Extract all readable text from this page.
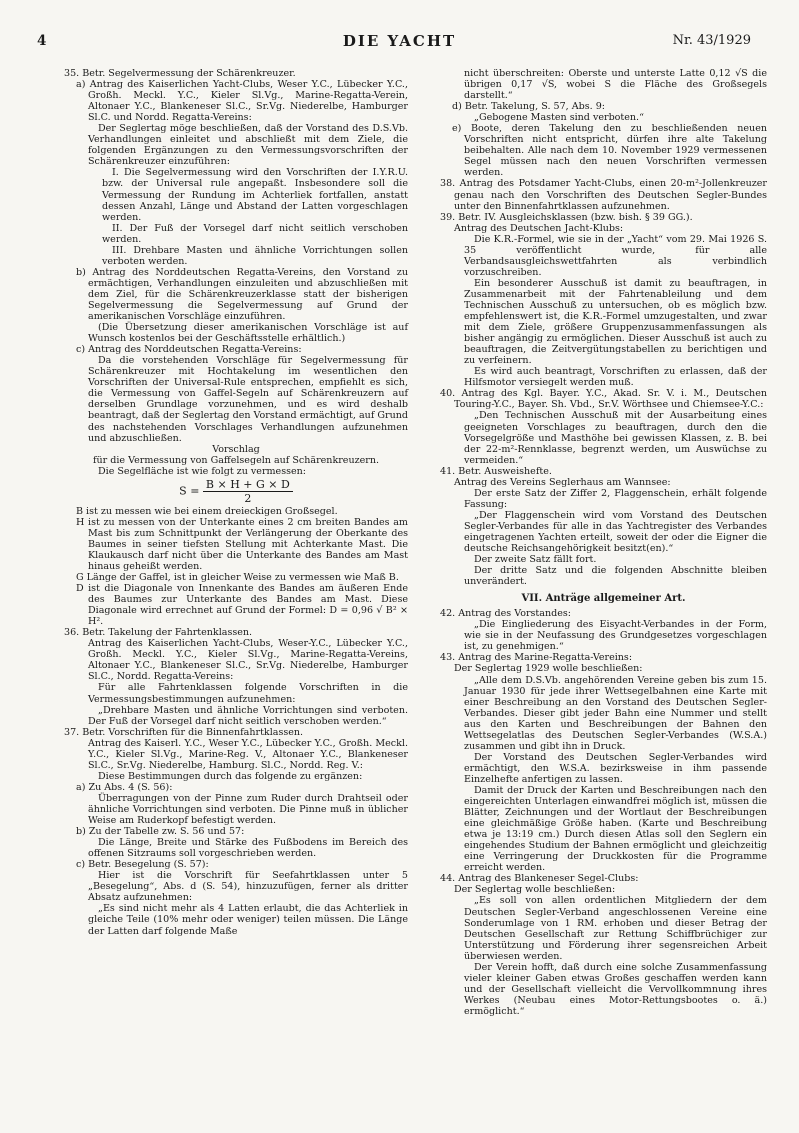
4	DIE YACHT	Nr. 43/1929

35. Betr. Segelvermessung der Schärenkreuzer.

a) Antrag des Kaiserlichen Yacht-Clubs, Weser Y.C., Lübecker Y.C., Großh. Meckl. Y.C., Kieler Sl.Vg., Marine-Regatta-Verein, Altonaer Y.C., Blankeneser Sl.C., Sr.Vg. Niederelbe, Hamburger Sl.C. und Nordd. Regatta-Vereins:

Der Seglertag möge beschließen, daß der Vorstand des D.S.Vb. Verhandlungen einleitet und abschließt mit dem Ziele, die folgenden Ergänzungen zu den Vermessungsvorschriften der Schärenkreuzer einzuführen:

I. Die Segelvermessung wird den Vorschriften der I.Y.R.U. bzw. der Universal rule angepaßt. Insbesondere soll die Vermessung der Rundung im Achterliek fortfallen, anstatt dessen Anzahl, Länge und Abstand der Latten vorgeschlagen werden.

II. Der Fuß der Vorsegel darf nicht seitlich verschoben werden.

III. Drehbare Masten und ähnliche Vorrichtungen sollen verboten werden.

b) Antrag des Norddeutschen Regatta-Vereins, den Vorstand zu ermächtigen, Verhandlungen einzuleiten und abzuschließen mit dem Ziel, für die Schärenkreuzerklasse statt der bisherigen Segelvermessung die Segelvermessung auf Grund der amerikanischen Vorschläge einzuführen.

(Die Übersetzung dieser amerikanischen Vorschläge ist auf Wunsch kostenlos bei der Geschäftsstelle erhältlich.)

c) Antrag des Norddeutschen Regatta-Vereins:

Da die vorstehenden Vorschläge für Segelvermessung für Schärenkreuzer mit Hochtakelung im wesentlichen den Vorschriften der Universal-Rule entsprechen, empfiehlt es sich, die Vermessung von Gaffel-Segeln auf Schärenkreuzern auf derselben Grundlage vorzunehmen, und es wird deshalb beantragt, daß der Seglertag den Vorstand ermächtigt, auf Grund des nachstehenden Vorschlages Verhandlungen aufzunehmen und abzuschließen.

Vorschlag

für die Vermessung von Gaffelsegeln auf Schärenkreuzern.

Die Segelfläche ist wie folgt zu vermessen:

$S = \frac{B \times H + G \times D}{2}$

B ist zu messen wie bei einem dreieckigen Großsegel.

H ist zu messen von der Unterkante eines 2 cm breiten Bandes am Mast bis zum Schnittpunkt der Verlängerung der Oberkante des Baumes in seiner tiefsten Stellung mit Achterkante Mast. Die Klaukausch darf nicht über die Unterkante des Bandes am Mast hinaus geheißt werden.

G Länge der Gaffel, ist in gleicher Weise zu vermessen wie Maß B.

D ist die Diagonale von Innenkante des Bandes am äußeren Ende des Baumes zur Unterkante des Bandes am Mast. Diese Diagonale wird errechnet auf Grund der Formel: D = 0,96 √ B² × H².

36. Betr. Takelung der Fahrtenklassen.

Antrag des Kaiserlichen Yacht-Clubs, Weser-Y.C., Lübecker Y.C., Großh. Meckl. Y.C., Kieler Sl.Vg., Marine-Regatta-Vereins, Altonaer Y.C., Blankeneser Sl.C., Sr.Vg. Niederelbe, Hamburger Sl.C., Nordd. Regatta-Vereins:

Für alle Fahrtenklassen folgende Vorschriften in die Vermessungsbestimmungen aufzunehmen:

„Drehbare Masten und ähnliche Vorrichtungen sind verboten. Der Fuß der Vorsegel darf nicht seitlich verschoben werden.“

37. Betr. Vorschriften für die Binnenfahrtklassen.

Antrag des Kaiserl. Y.C., Weser Y.C., Lübecker Y.C., Großh. Meckl. Y.C., Kieler Sl.Vg., Marine-Reg. V., Altonaer Y.C., Blankeneser Sl.C., Sr.Vg. Niederelbe, Hamburg. Sl.C., Nordd. Reg. V.:

Diese Bestimmungen durch das folgende zu ergänzen:

a) Zu Abs. 4 (S. 56):

Überragungen von der Pinne zum Ruder durch Drahtseil oder ähnliche Vorrichtungen sind verboten. Die Pinne muß in üblicher Weise am Ruderkopf befestigt werden.

b) Zu der Tabelle zw. S. 56 und 57:

Die Länge, Breite und Stärke des Fußbodens im Bereich des offenen Sitzraums soll vorgeschrieben werden.

c) Betr. Besegelung (S. 57):

Hier ist die Vorschrift für Seefahrtklassen unter 5 „Besegelung“, Abs. d (S. 54), hinzuzufügen, ferner als dritter Absatz aufzunehmen:

„Es sind nicht mehr als 4 Latten erlaubt, die das Achterliek in gleiche Teile (10% mehr oder weniger) teilen müssen. Die Länge der Latten darf folgende Maße

nicht überschreiten: Oberste und unterste Latte 0,12 √S die übrigen 0,17 √S, wobei S die Fläche des Großsegels darstellt.“

d) Betr. Takelung, S. 57, Abs. 9:

„Gebogene Masten sind verboten.“

e) Boote, deren Takelung den zu beschließenden neuen Vorschriften nicht entspricht, dürfen ihre alte Takelung beibehalten. Alle nach dem 10. November 1929 vermessenen Segel müssen nach den neuen Vorschriften vermessen werden.

38. Antrag des Potsdamer Yacht-Clubs, einen 20-m²-Jollenkreuzer genau nach den Vorschriften des Deutschen Segler-Bundes unter den Binnenfahrtklassen aufzunehmen.

39. Betr. IV. Ausgleichsklassen (bzw. bish. § 39 GG.).

Antrag des Deutschen Jacht-Klubs:

Die K.R.-Formel, wie sie in der „Yacht“ vom 29. Mai 1926 S. 35 veröffentlicht wurde, für alle Verbandsausgleichswettfahrten als verbindlich vorzuschreiben.

Ein besonderer Ausschuß ist damit zu beauftragen, in Zusammenarbeit mit der Fahrtenableilung und dem Technischen Ausschuß zu untersuchen, ob es möglich bzw. empfehlenswert ist, die K.R.-Formel umzugestalten, und zwar mit dem Ziele, größere Gruppenzusammenfassungen als bisher angängig zu ermöglichen. Dieser Ausschuß ist auch zu beauftragen, die Zeitvergütungstabellen zu berichtigen und zu verfeinern.

Es wird auch beantragt, Vorschriften zu erlassen, daß der Hilfsmotor versiegelt werden muß.

40. Antrag des Kgl. Bayer. Y.C., Akad. Sr. V. i. M., Deutschen Touring-Y.C., Bayer. Sh. Vbd., Sr.V. Wörthsee und Chiemsee-Y.C.:

„Den Technischen Ausschuß mit der Ausarbeitung eines geeigneten Vorschlages zu beauftragen, durch den die Vorsegelgröße und Masthöhe bei gewissen Klassen, z. B. bei der 22-m²-Rennklasse, begrenzt werden, um Auswüchse zu vermeiden.“

41. Betr. Ausweishefte.

Antrag des Vereins Seglerhaus am Wannsee:

Der erste Satz der Ziffer 2, Flaggenschein, erhält folgende Fassung:

„Der Flaggenschein wird vom Vorstand des Deutschen Segler-Verbandes für alle in das Yachtregister des Verbandes eingetragenen Yachten erteilt, soweit der oder die Eigner die deutsche Reichsangehörigkeit besitzt(en).“

Der zweite Satz fällt fort.

Der dritte Satz und die folgenden Abschnitte bleiben unverändert.

VII. Anträge allgemeiner Art.

42. Antrag des Vorstandes:

„Die Eingliederung des Eisyacht-Verbandes in der Form, wie sie in der Neufassung des Grundgesetzes vorgeschlagen ist, zu genehmigen.“

43. Antrag des Marine-Regatta-Vereins:

Der Seglertag 1929 wolle beschließen:

„Alle dem D.S.Vb. angehörenden Vereine geben bis zum 15. Januar 1930 für jede ihrer Wettsegelbahnen eine Karte mit einer Beschreibung an den Vorstand des Deutschen Segler-Verbandes. Dieser gibt jeder Bahn eine Nummer und stellt aus den Karten und Beschreibungen der Bahnen den Wettsegelatlas des Deutschen Segler-Verbandes (W.S.A.) zusammen und gibt ihn in Druck.

Der Vorstand des Deutschen Segler-Verbandes wird ermächtigt, den W.S.A. bezirksweise in ihm passende Einzelhefte anfertigen zu lassen.

Damit der Druck der Karten und Beschreibungen nach den eingereichten Unterlagen einwandfrei möglich ist, müssen die Blätter, Zeichnungen und der Wortlaut der Beschreibungen eine gleichmäßige Größe haben. (Karte und Beschreibung etwa je 13:19 cm.) Durch diesen Atlas soll den Seglern ein eingehendes Studium der Bahnen ermöglicht und gleichzeitig eine Verringerung der Druckkosten für die Programme erreicht werden.

44. Antrag des Blankeneser Segel-Clubs:

Der Seglertag wolle beschließen:

„Es soll von allen ordentlichen Mitgliedern der dem Deutschen Segler-Verband angeschlossenen Vereine eine Sonderumlage von 1 RM. erhoben und dieser Betrag der Deutschen Gesellschaft zur Rettung Schiffbrüchiger zur Unterstützung und Förderung ihrer segensreichen Arbeit überwiesen werden.

Der Verein hofft, daß durch eine solche Zusammenfassung vieler kleiner Gaben etwas Großes geschaffen werden kann und der Gesellschaft vielleicht die Vervollkommnung ihres Werkes (Neubau eines Motor-Rettungsbootes o. ä.) ermöglicht.“
